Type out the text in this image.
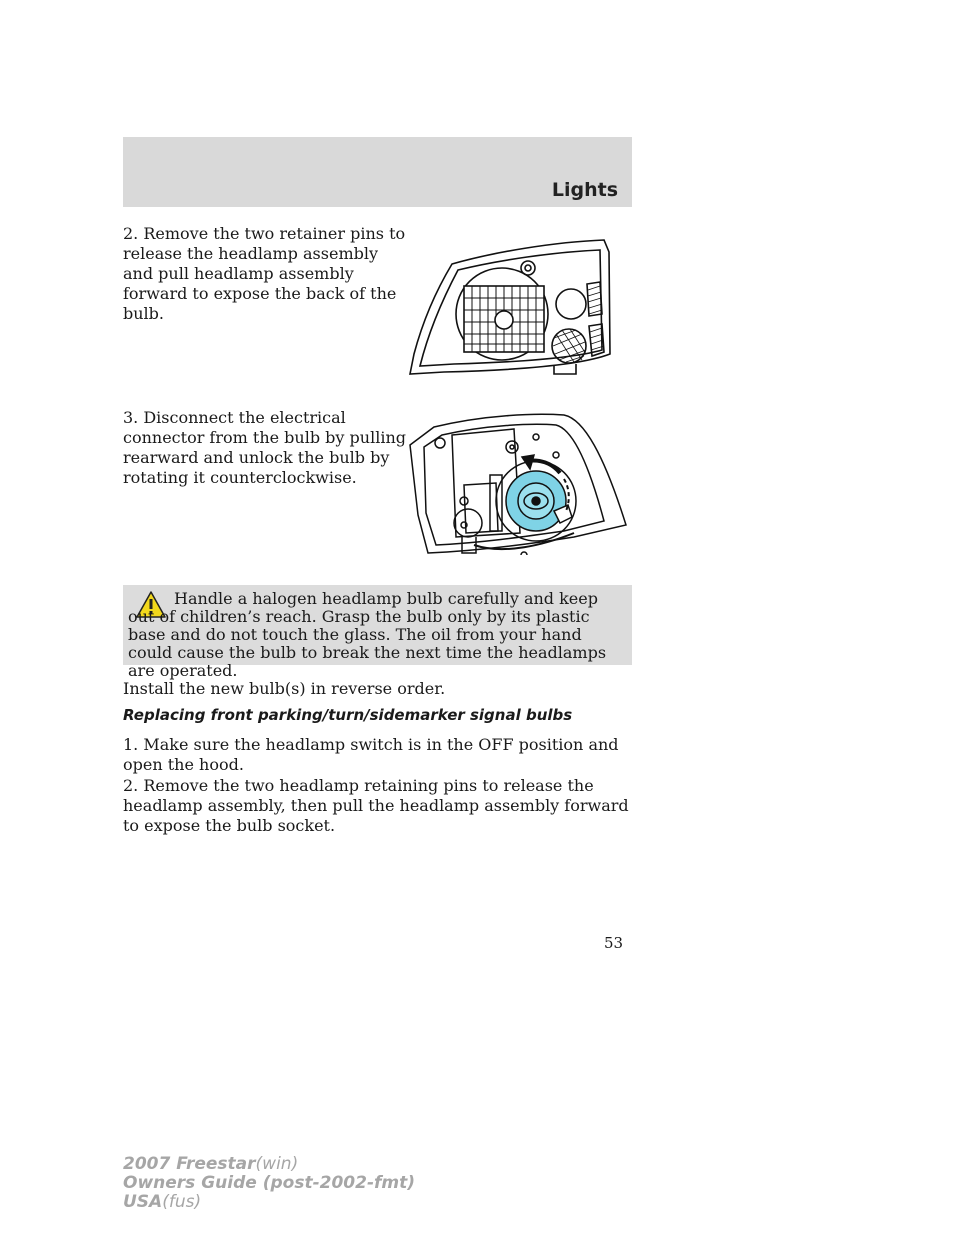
Lights

2. Remove the two retainer pins to release the headlamp assembly and pull headlamp assembly forward to expose the back of the bulb.

3. Disconnect the electrical connector from the bulb by pulling rearward and unlock the bulb by rotating it counterclockwise.

Handle a halogen headlamp bulb carefully and keep out of children’s reach. Grasp the bulb only by its plastic base and do not touch the glass. The oil from your hand could cause the bulb to break the next time the headlamps are operated.

Install the new bulb(s) in reverse order.

Replacing front parking/turn/sidemarker signal bulbs

1. Make sure the headlamp switch is in the OFF position and open the hood.

2. Remove the two headlamp retaining pins to release the headlamp assembly, then pull the headlamp assembly forward to expose the bulb socket.

53
2007 Freestar(win)
Owners Guide (post-2002-fmt)
USA(fus)
